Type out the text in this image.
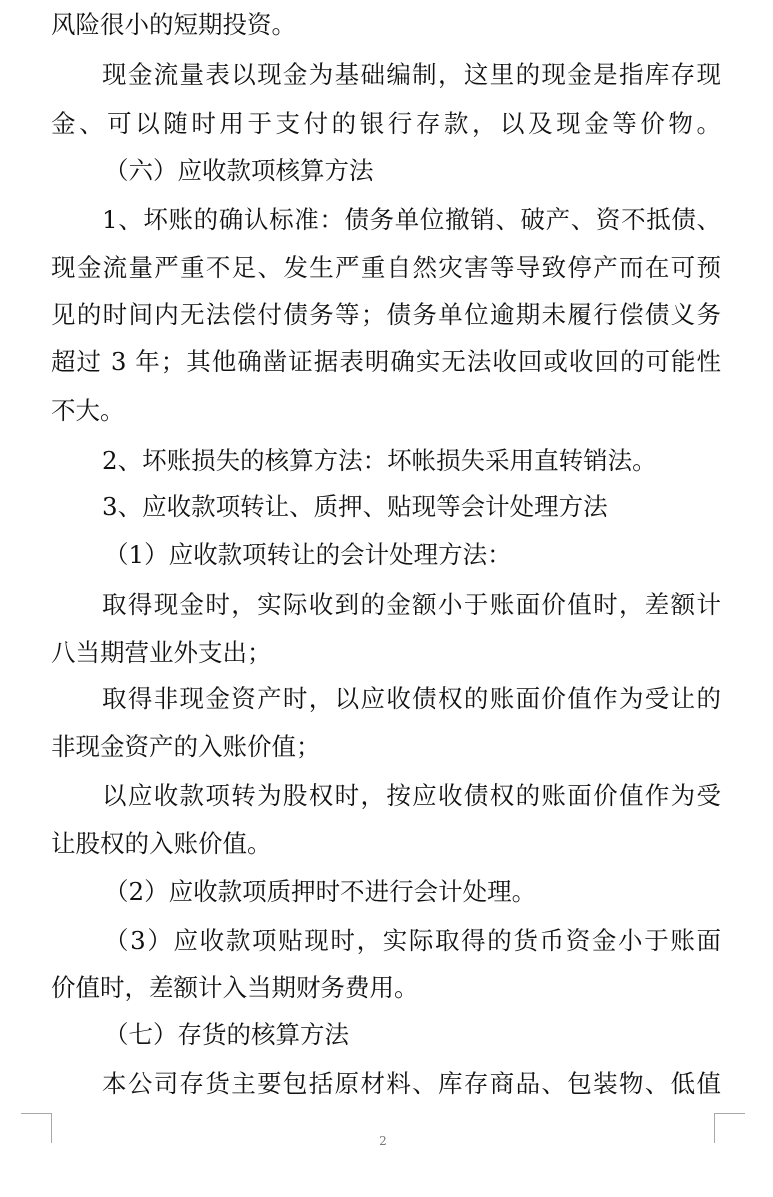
风险很小的短期投资。
现金流量表以现金为基础编制，这里的现金是指库存现
金、可以随时用于支付的银行存款，以及现金等价物。
（六）应收款项核算方法
1、坏账的确认标准：债务单位撤销、破产、资不抵债、
现金流量严重不足、发生严重自然灾害等导致停产而在可预
见的时间内无法偿付债务等；债务单位逾期未履行偿债义务
超过 3 年；其他确凿证据表明确实无法收回或收回的可能性
不大。
2、坏账损失的核算方法：坏帐损失采用直转销法。
3、应收款项转让、质押、贴现等会计处理方法
（1）应收款项转让的会计处理方法：
取得现金时，实际收到的金额小于账面价值时，差额计
八当期营业外支出；
取得非现金资产时，以应收债权的账面价值作为受让的
非现金资产的入账价值；
以应收款项转为股权时，按应收债权的账面价值作为受
让股权的入账价值。
（2）应收款项质押时不进行会计处理。
（3）应收款项贴现时，实际取得的货币资金小于账面
价值时，差额计入当期财务费用。
（七）存货的核算方法
本公司存货主要包括原材料、库存商品、包装物、低值
2
